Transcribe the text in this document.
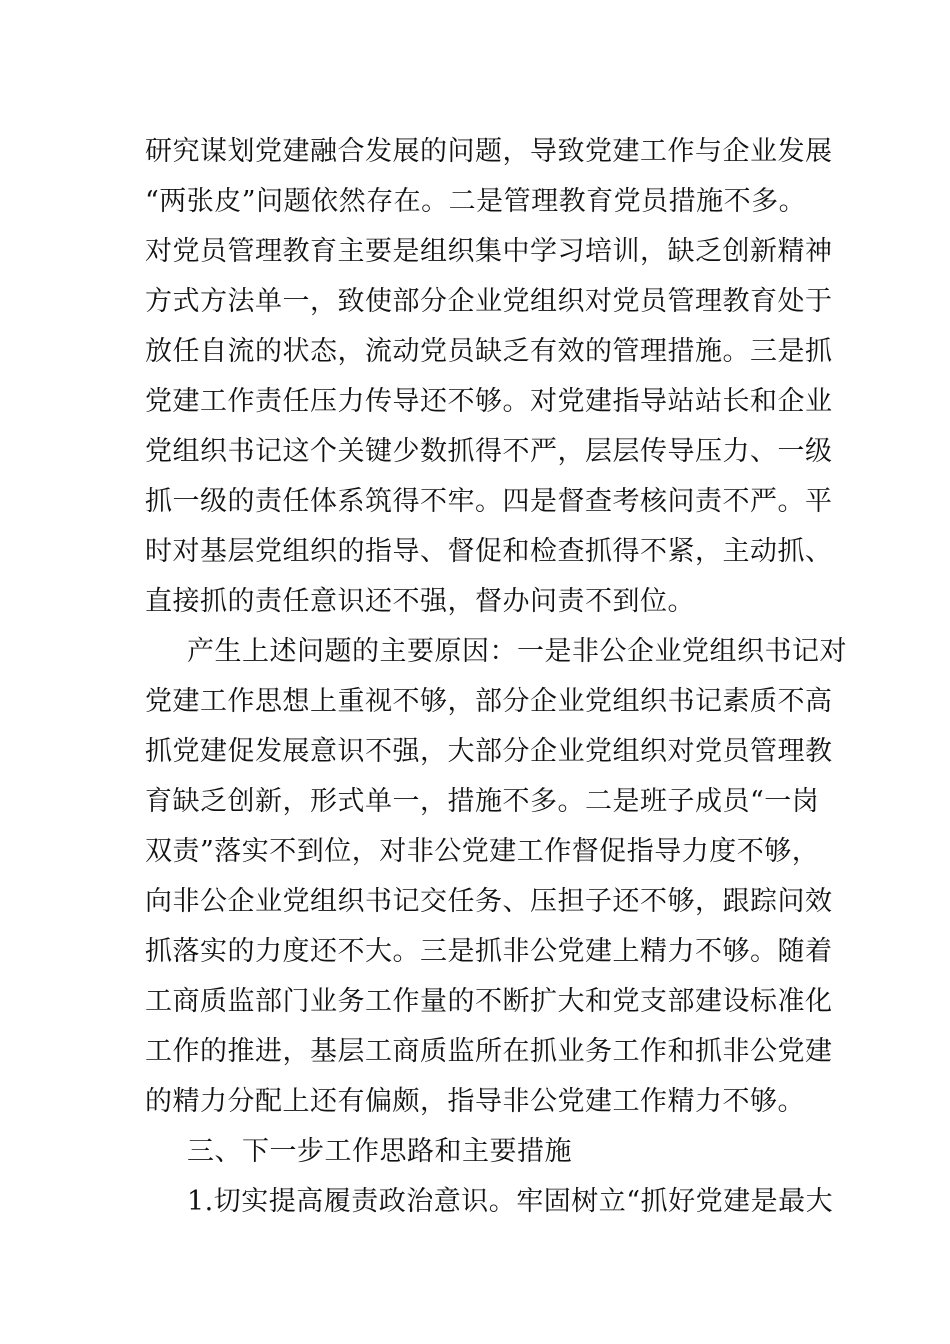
研究谋划党建融合发展的问题，导致党建工作与企业发展
“两张皮”问题依然存在。二是管理教育党员措施不多。
对党员管理教育主要是组织集中学习培训，缺乏创新精神
方式方法单一，致使部分企业党组织对党员管理教育处于
放任自流的状态，流动党员缺乏有效的管理措施。三是抓
党建工作责任压力传导还不够。对党建指导站站长和企业
党组织书记这个关键少数抓得不严，层层传导压力、一级
抓一级的责任体系筑得不牢。四是督查考核问责不严。平
时对基层党组织的指导、督促和检查抓得不紧，主动抓、
直接抓的责任意识还不强，督办问责不到位。
产生上述问题的主要原因：一是非公企业党组织书记对
党建工作思想上重视不够，部分企业党组织书记素质不高
抓党建促发展意识不强，大部分企业党组织对党员管理教
育缺乏创新，形式单一，措施不多。二是班子成员“一岗
双责”落实不到位，对非公党建工作督促指导力度不够，
向非公企业党组织书记交任务、压担子还不够，跟踪问效
抓落实的力度还不大。三是抓非公党建上精力不够。随着
工商质监部门业务工作量的不断扩大和党支部建设标准化
工作的推进，基层工商质监所在抓业务工作和抓非公党建
的精力分配上还有偏颇，指导非公党建工作精力不够。
三、下一步工作思路和主要措施
1.切实提高履责政治意识。牢固树立“抓好党建是最大
